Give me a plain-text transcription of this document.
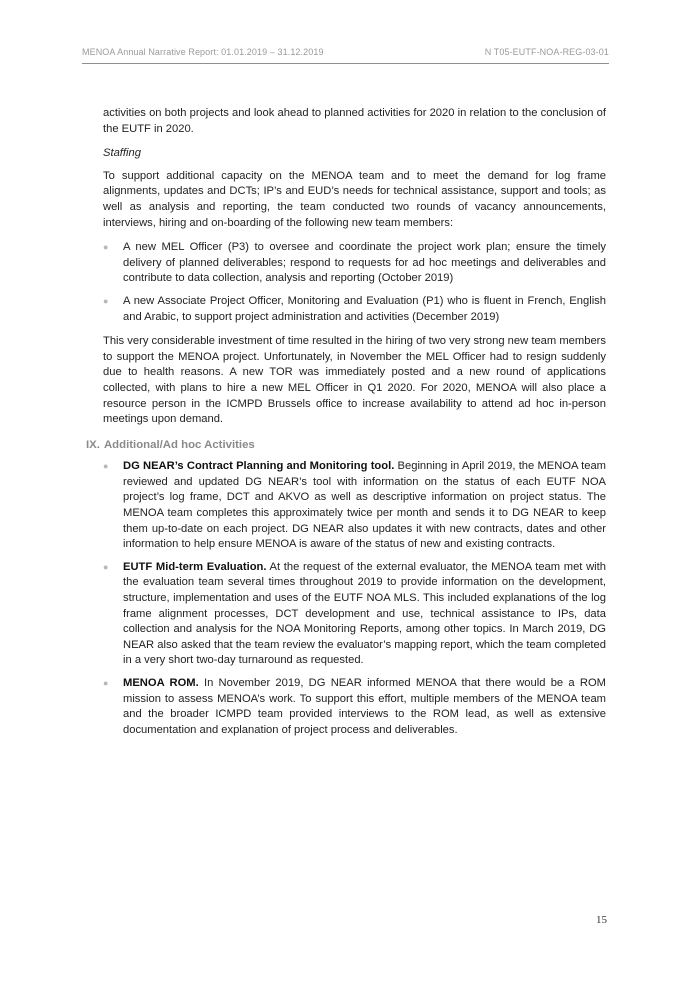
MENOA Annual Narrative Report: 01.01.2019 – 31.12.2019	N T05-EUTF-NOA-REG-03-01

activities on both projects and look ahead to planned activities for 2020 in relation to the conclusion of the EUTF in 2020.

Staffing

To support additional capacity on the MENOA team and to meet the demand for log frame alignments, updates and DCTs; IP’s and EUD’s needs for technical assistance, support and tools; as well as analysis and reporting, the team conducted two rounds of vacancy announcements, interviews, hiring and on-boarding of the following new team members:

● A new MEL Officer (P3) to oversee and coordinate the project work plan; ensure the timely delivery of planned deliverables; respond to requests for ad hoc meetings and deliverables and contribute to data collection, analysis and reporting (October 2019)
● A new Associate Project Officer, Monitoring and Evaluation (P1) who is fluent in French, English and Arabic, to support project administration and activities (December 2019)

This very considerable investment of time resulted in the hiring of two very strong new team members to support the MENOA project. Unfortunately, in November the MEL Officer had to resign suddenly due to health reasons. A new TOR was immediately posted and a new round of applications collected, with plans to hire a new MEL Officer in Q1 2020. For 2020, MENOA will also place a resource person in the ICMPD Brussels office to increase availability to attend ad hoc in-person meetings upon demand.

IX. Additional/Ad hoc Activities
● DG NEAR’s Contract Planning and Monitoring tool. Beginning in April 2019, the MENOA team reviewed and updated DG NEAR’s tool with information on the status of each EUTF NOA project’s log frame, DCT and AKVO as well as descriptive information on project status. The MENOA team completes this approximately twice per month and sends it to DG NEAR to keep them up-to-date on each project. DG NEAR also updates it with new contracts, dates and other information to help ensure MENOA is aware of the status of new and existing contracts.
● EUTF Mid-term Evaluation. At the request of the external evaluator, the MENOA team met with the evaluation team several times throughout 2019 to provide information on the development, structure, implementation and uses of the EUTF NOA MLS. This included explanations of the log frame alignment processes, DCT development and use, technical assistance to IPs, data collection and analysis for the NOA Monitoring Reports, among other topics. In March 2019, DG NEAR also asked that the team review the evaluator’s mapping report, which the team completed in a very short two-day turnaround as requested.
● MENOA ROM. In November 2019, DG NEAR informed MENOA that there would be a ROM mission to assess MENOA’s work. To support this effort, multiple members of the MENOA team and the broader ICMPD team provided interviews to the ROM lead, as well as extensive documentation and explanation of project process and deliverables.
15
